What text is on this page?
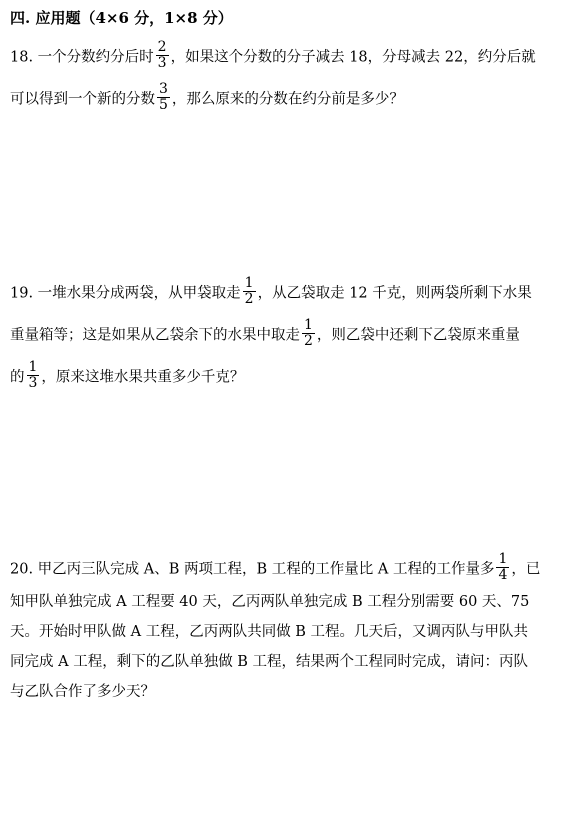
四. 应用题（4×6 分，1×8 分）
18. 一个分数约分后时 $\frac{2}{3}$ ，如果这个分数的分子减去 18，分母减去 22，约分后就
可以得到一个新的分数 $\frac{3}{5}$ ，那么原来的分数在约分前是多少？
19. 一堆水果分成两袋，从甲袋取走 $\frac{1}{2}$ ，从乙袋取走 12 千克，则两袋所剩下水果
重量箱等；这是如果从乙袋余下的水果中取走 $\frac{1}{2}$ ，则乙袋中还剩下乙袋原来重量
的 $\frac{1}{3}$ ，原来这堆水果共重多少千克？
20. 甲乙丙三队完成 A、B 两项工程，B 工程的工作量比 A 工程的工作量多 $\frac{1}{4}$ ，已
知甲队单独完成 A 工程要 40 天，乙丙两队单独完成 B 工程分别需要 60 天、75
天。开始时甲队做 A 工程，乙丙两队共同做 B 工程。几天后，又调丙队与甲队共
同完成 A 工程，剩下的乙队单独做 B 工程，结果两个工程同时完成，请问：丙队
与乙队合作了多少天？
